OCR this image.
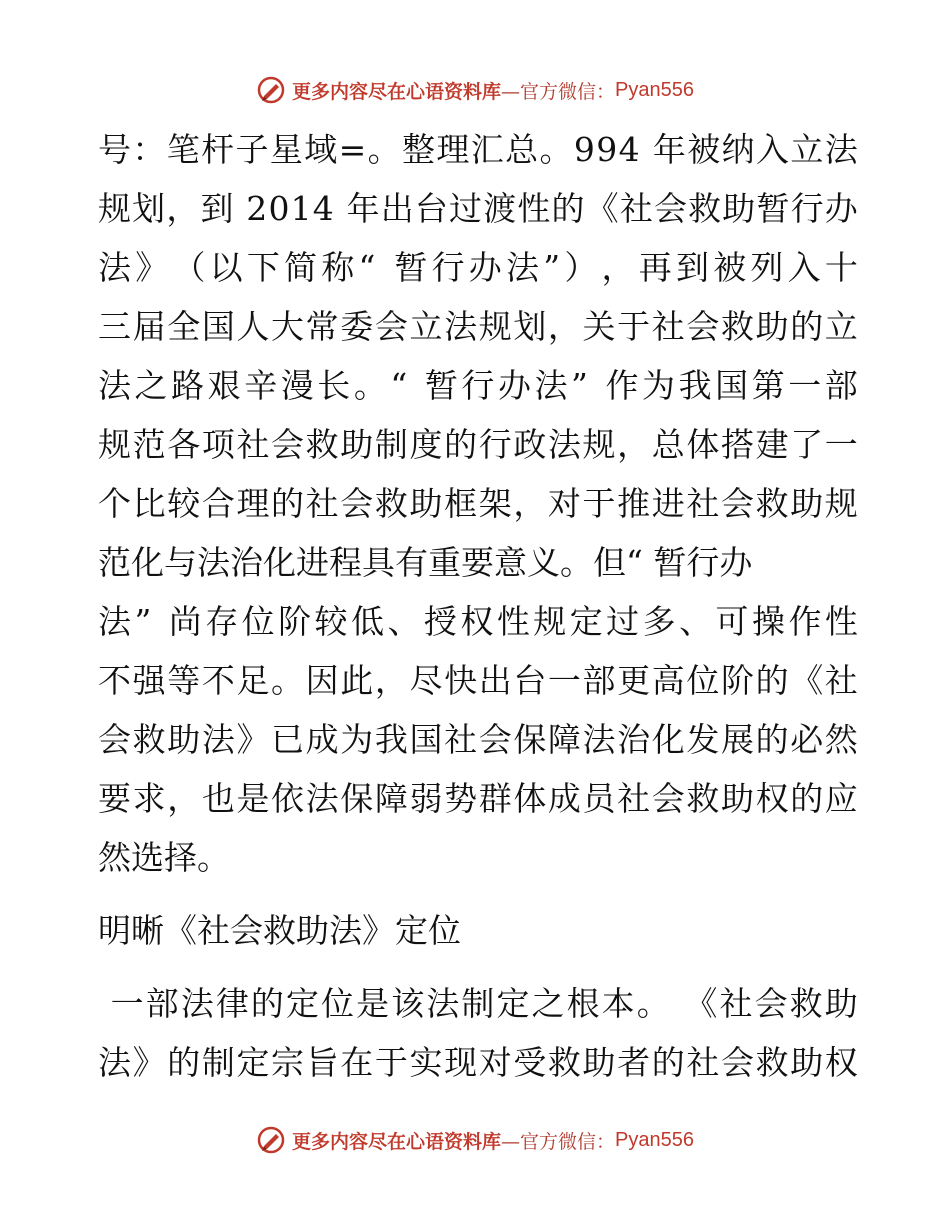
更多内容尽在心语资料库 —官方微信： Pyan556
号 ： 笔 杆 子 星 域 = 。 整 理 汇 总 。 9 9 4
年 被 纳 入 立 法
规 划 ， 到
2 0 1 4
年 出 台 过 渡 性 的 《 社 会 救 助 暂 行 办
法 》 （ 以 下 简 称 “
暂 行 办 法 ” ） ， 再 到 被 列 入 十
三 届 全 国 人 大 常 委 会 立 法 规 划 ， 关 于 社 会 救 助 的 立
法 之 路 艰 辛 漫 长 。 “
暂 行 办 法 ”
作 为 我 国 第 一 部
规 范 各 项 社 会 救 助 制 度 的 行 政 法 规 ， 总 体 搭 建 了 一
个 比 较 合 理 的 社 会 救 助 框 架 ， 对 于 推 进 社 会 救 助 规
范化与法治化进程具有重要意义。但“ 暂行办
法 ”
尚 存 位 阶 较 低 、 授 权 性 规 定 过 多 、 可 操 作 性
不 强 等 不 足 。 因 此 ， 尽 快 出 台 一 部 更 高 位 阶 的 《 社
会 救 助 法 》 已 成 为 我 国 社 会 保 障 法 治 化 发 展 的 必 然
要 求 ， 也 是 依 法 保 障 弱 势 群 体 成 员 社 会 救 助 权 的 应
然选择。
明晰《社会救助法》定位

一 部 法 律 的 定 位 是 该 法 制 定 之 根 本 。
《 社 会 救 助
法 》 的 制 定 宗 旨 在 于 实 现 对 受 救 助 者 的 社 会 救 助 权
更多内容尽在心语资料库 —官方微信： Pyan556
